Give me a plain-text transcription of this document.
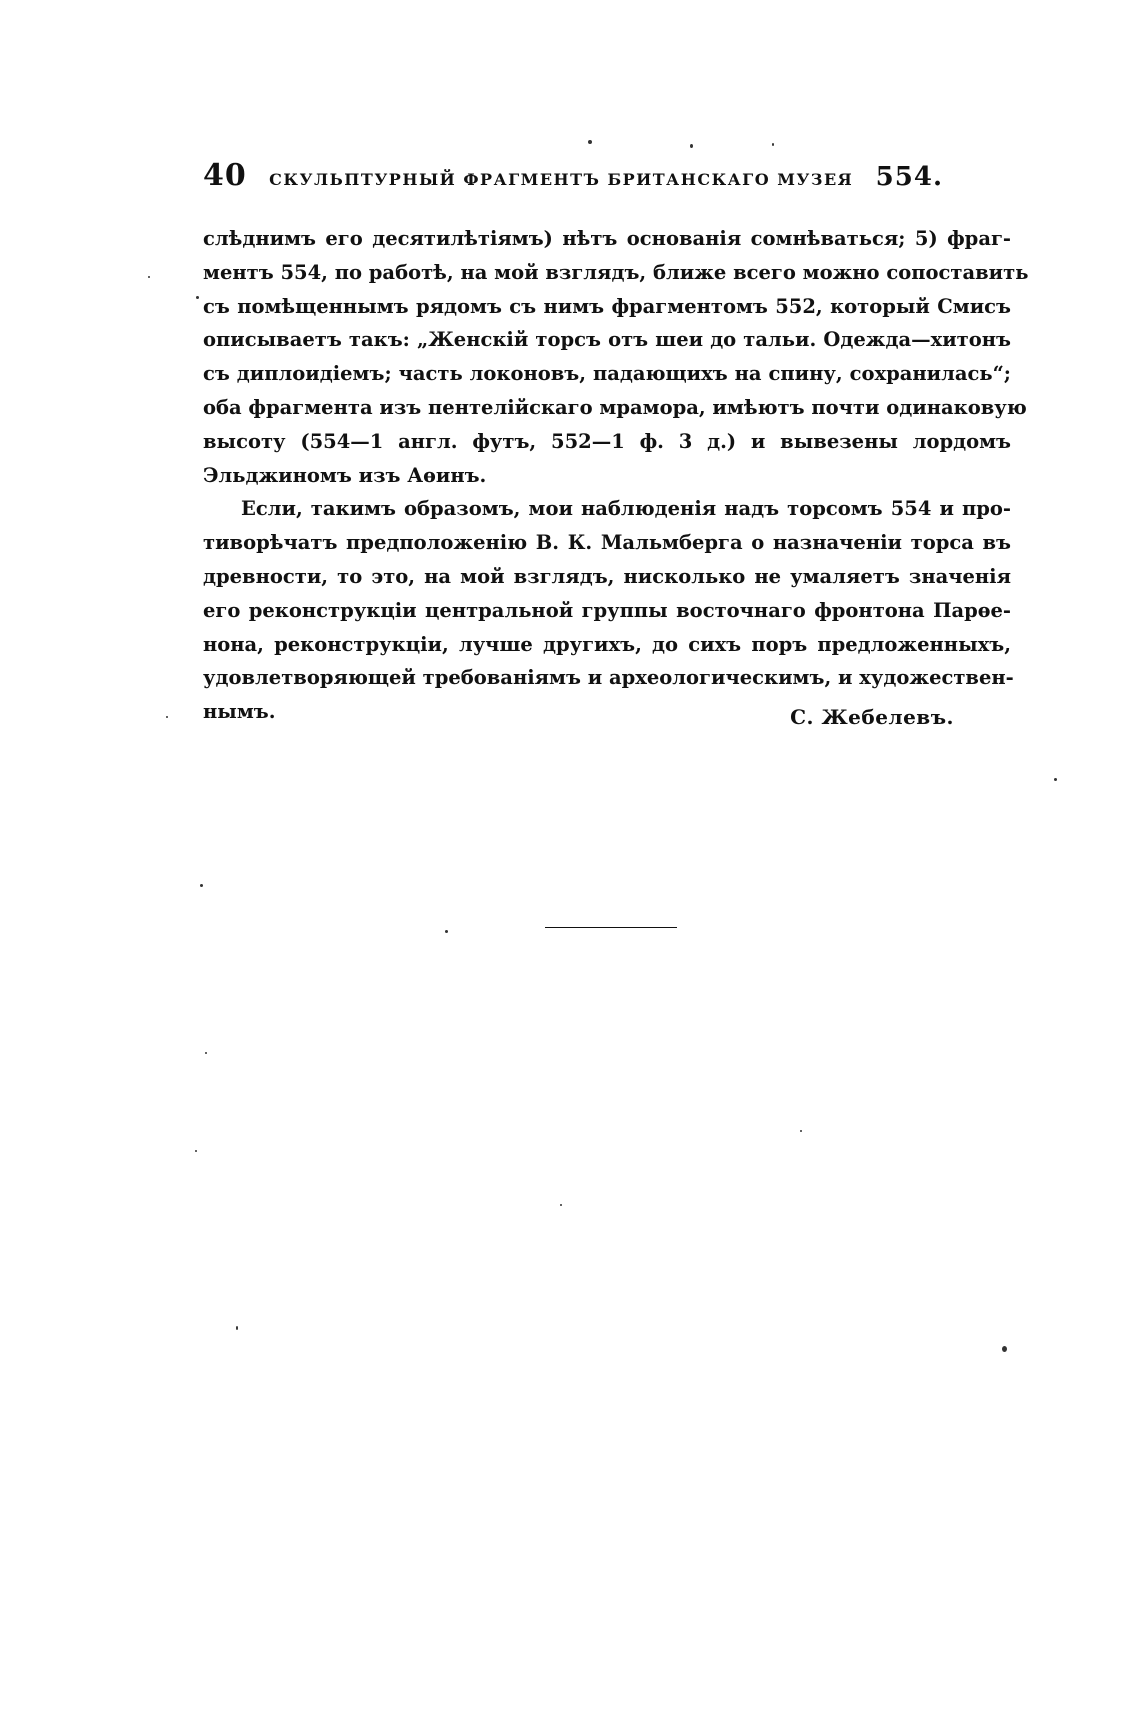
40	СКУЛЬПТУРНЫЙ ФРАГМЕНТЪ БРИТАНСКАГО МУЗЕЯ 554.
слѣднимъ его десятилѣтіямъ) нѣтъ основанія сомнѣваться; 5) фраг-
ментъ 554, по работѣ, на мой взглядъ, ближе всего можно сопоставить
съ помѣщеннымъ рядомъ съ нимъ фрагментомъ 552, который Смисъ
описываетъ такъ: „Женскій торсъ отъ шеи до тальи. Одежда—хитонъ
съ диплоидіемъ; часть локоновъ, падающихъ на спину, сохранилась“;
оба фрагмента изъ пентелійскаго мрамора, имѣютъ почти одинаковую
высоту (554—1 англ. футъ, 552—1 ф. 3 д.) и вывезены лордомъ
Эльджиномъ изъ Аѳинъ.
Если, такимъ образомъ, мои наблюденія надъ торсомъ 554 и про-
тиворѣчатъ предположенію В. К. Мальмберга о назначеніи торса въ
древности, то это, на мой взглядъ, нисколько не умаляетъ значенія
его реконструкціи центральной группы восточнаго фронтона Парѳе-
нона, реконструкціи, лучше другихъ, до сихъ поръ предложенныхъ,
удовлетворяющей требованіямъ и археологическимъ, и художествен-
нымъ.	С. Жебелевъ.
